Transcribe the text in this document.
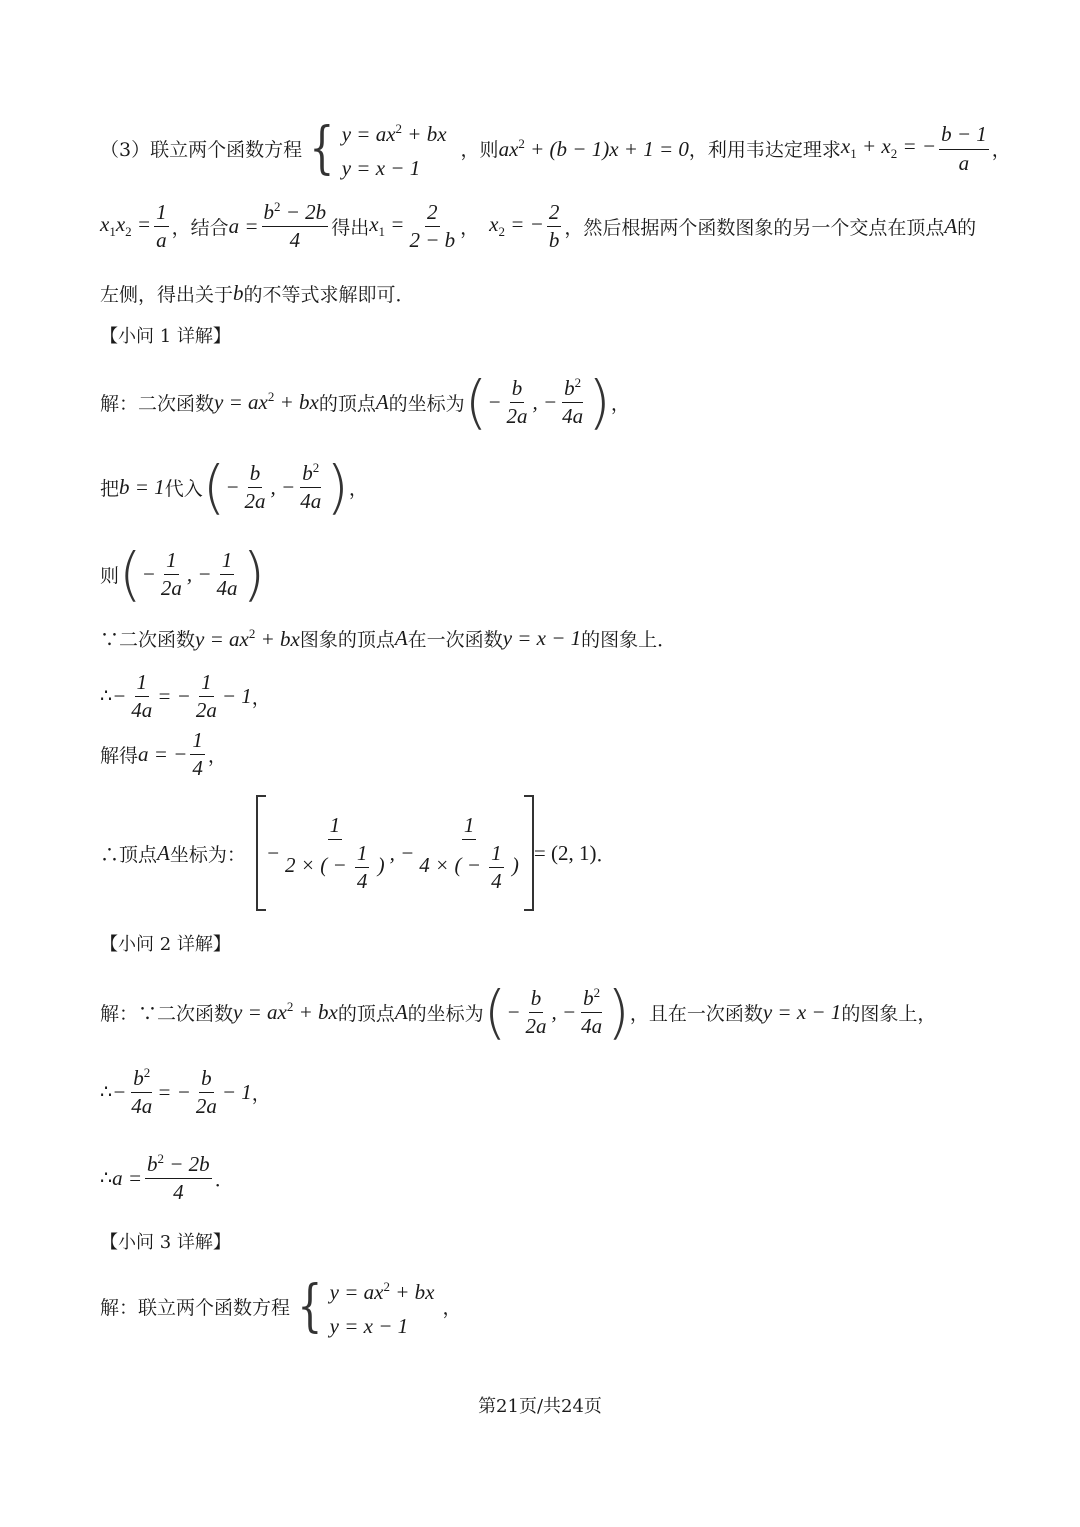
（3）联立两个函数方程 { $y = ax^2$ + bx
y = x − 1
，则 $ax^2 + (b - 1)x + 1 = 0$ ，利用韦达定理求 $x_1 + x_2$ = − $\frac{b - 1}{a}$ ，
$x_1x_2 = \frac{1}{a}$ ，结合 $a = \frac{b^2 - 2b}{4}$ 得出 $x_1 = \frac{2}{2 - b}$ ， $x_2$ = − $\frac{2}{b}$ ，然后根据两个函数图象的另一个交点在顶点 A 的
左侧，得出关于 b 的不等式求解即可．
【小问 1 详解】
解：二次函数 $y = ax^2$ + bx 的顶点 A 的坐标为 ( − $\frac{b}{2a}$ , − $\frac{b^2}{4a}$ ) ，
把 b = 1 代入 ( − $\frac{b}{2a}$ , − $\frac{b^2}{4a}$ ) ，
则 ( − $\frac{1}{2a}$ , − $\frac{1}{4a}$ )
∵二次函数 $y = ax^2$ + bx 图象的顶点 A 在一次函数 y = x − 1 的图象上．
∴ − $\frac{1}{4a}$ = − $\frac{1}{2a} - 1$ ，
解得 a = − $\frac{1}{4}$ ，
∴顶点 A 坐标为： − $\frac{1}{2 \times ( - \frac{1}{4} )}$ , − $\frac{1}{4 \times ( - \frac{1}{4} )} = (2$, 1) ．
【小问 2 详解】
解：∵二次函数 $y = ax^2$ + bx 的顶点 A 的坐标为 ( − $\frac{b}{2a}$ , − $\frac{b^2}{4a}$ ) ，且在一次函数 y = x − 1 的图象上，
∴ − $\frac{b^2}{4a}$ = − $\frac{b}{2a} - 1$ ，
∴ $a = \frac{b^2 - 2b}{4}$ ．
【小问 3 详解】
解：联立两个函数方程 { $y = ax^2$ + bx
y = x − 1
，
第21页/共24页
